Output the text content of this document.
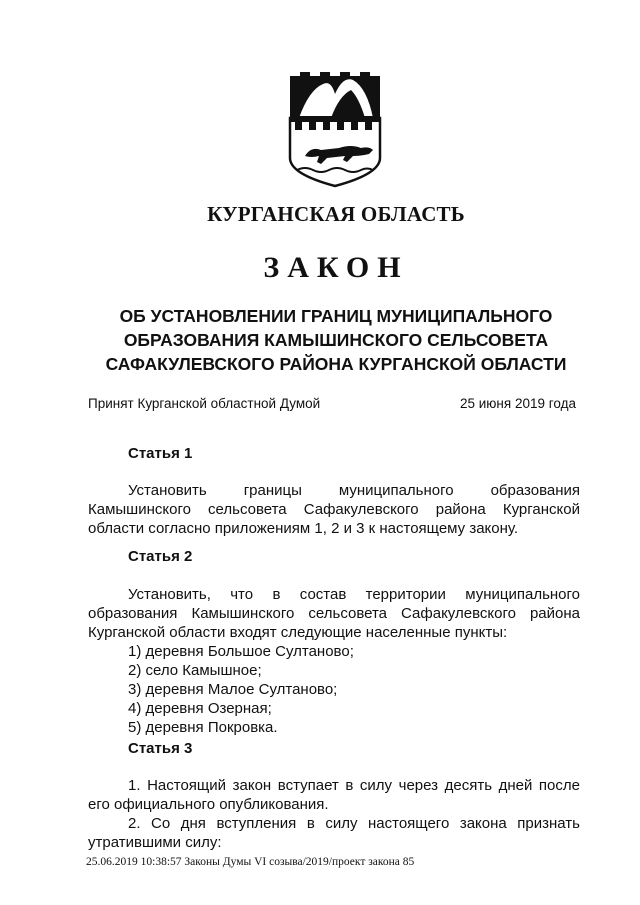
КУРГАНСКАЯ ОБЛАСТЬ
ЗАКОН
ОБ УСТАНОВЛЕНИИ ГРАНИЦ МУНИЦИПАЛЬНОГО
ОБРАЗОВАНИЯ КАМЫШИНСКОГО СЕЛЬСОВЕТА
САФАКУЛЕВСКОГО РАЙОНА КУРГАНСКОЙ ОБЛАСТИ
Принят Курганской областной Думой	25 июня 2019 года
Статья 1
Установить границы муниципального образования
Камышинского сельсовета Сафакулевского района Курганской
области согласно приложениям 1, 2 и 3 к настоящему закону.
Статья 2
Установить, что в состав территории муниципального
образования Камышинского сельсовета Сафакулевского района
Курганской области входят следующие населенные пункты:
1) деревня Большое Султаново;
2) село Камышное;
3) деревня Малое Султаново;
4) деревня Озерная;
5) деревня Покровка.
Статья 3
1. Настоящий закон вступает в силу через десять дней после
его официального опубликования.
2. Со дня вступления в силу настоящего закона признать
утратившими силу:
25.06.2019 10:38:57 Законы Думы VI созыва/2019/проект закона 85
